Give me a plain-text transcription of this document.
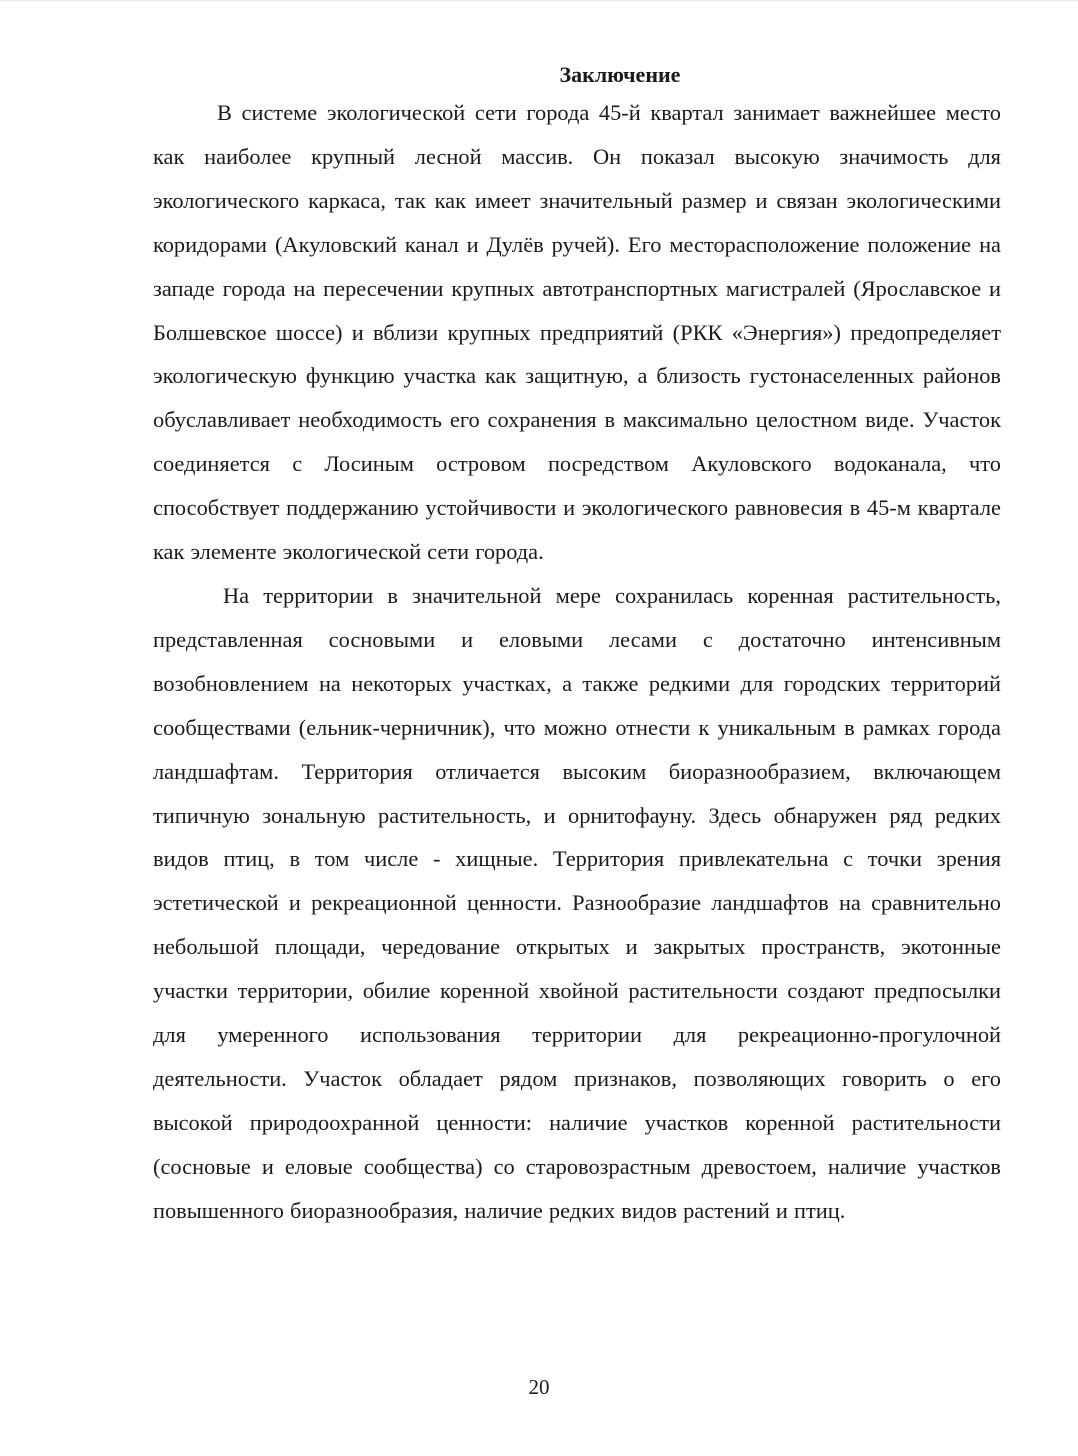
Заключение

В системе экологической сети города 45-й квартал занимает важнейшее место как наиболее крупный лесной массив. Он показал высокую значимость для экологического каркаса, так как имеет значительный размер и связан экологическими коридорами (Акуловский канал и Дулёв ручей). Его месторасположение положение на западе города на пересечении крупных автотранспортных магистралей (Ярославское и Болшевское шоссе) и вблизи крупных предприятий (РКК «Энергия») предопределяет экологическую функцию участка как защитную, а близость густонаселенных районов обуславливает необходимость его сохранения в максимально целостном виде. Участок соединяется с Лосиным островом посредством Акуловского водоканала, что способствует поддержанию устойчивости и экологического равновесия в 45-м квартале как элементе экологической сети города.

На территории в значительной мере сохранилась коренная растительность, представленная сосновыми и еловыми лесами с достаточно интенсивным возобновлением на некоторых участках, а также редкими для городских территорий сообществами (ельник-черничник), что можно отнести к уникальным в рамках города ландшафтам. Территория отличается высоким биоразнообразием, включающем типичную зональную растительность, и орнитофауну. Здесь обнаружен ряд редких видов птиц, в том числе - хищные. Территория привлекательна с точки зрения эстетической и рекреационной ценности. Разнообразие ландшафтов на сравнительно небольшой площади, чередование открытых и закрытых пространств, экотонные участки территории, обилие коренной хвойной растительности создают предпосылки для умеренного использования территории для рекреационно-прогулочной деятельности. Участок обладает рядом признаков, позволяющих говорить о его высокой природоохранной ценности: наличие участков коренной растительности (сосновые и еловые сообщества) со старовозрастным древостоем, наличие участков повышенного биоразнообразия, наличие редких видов растений и птиц.

20
